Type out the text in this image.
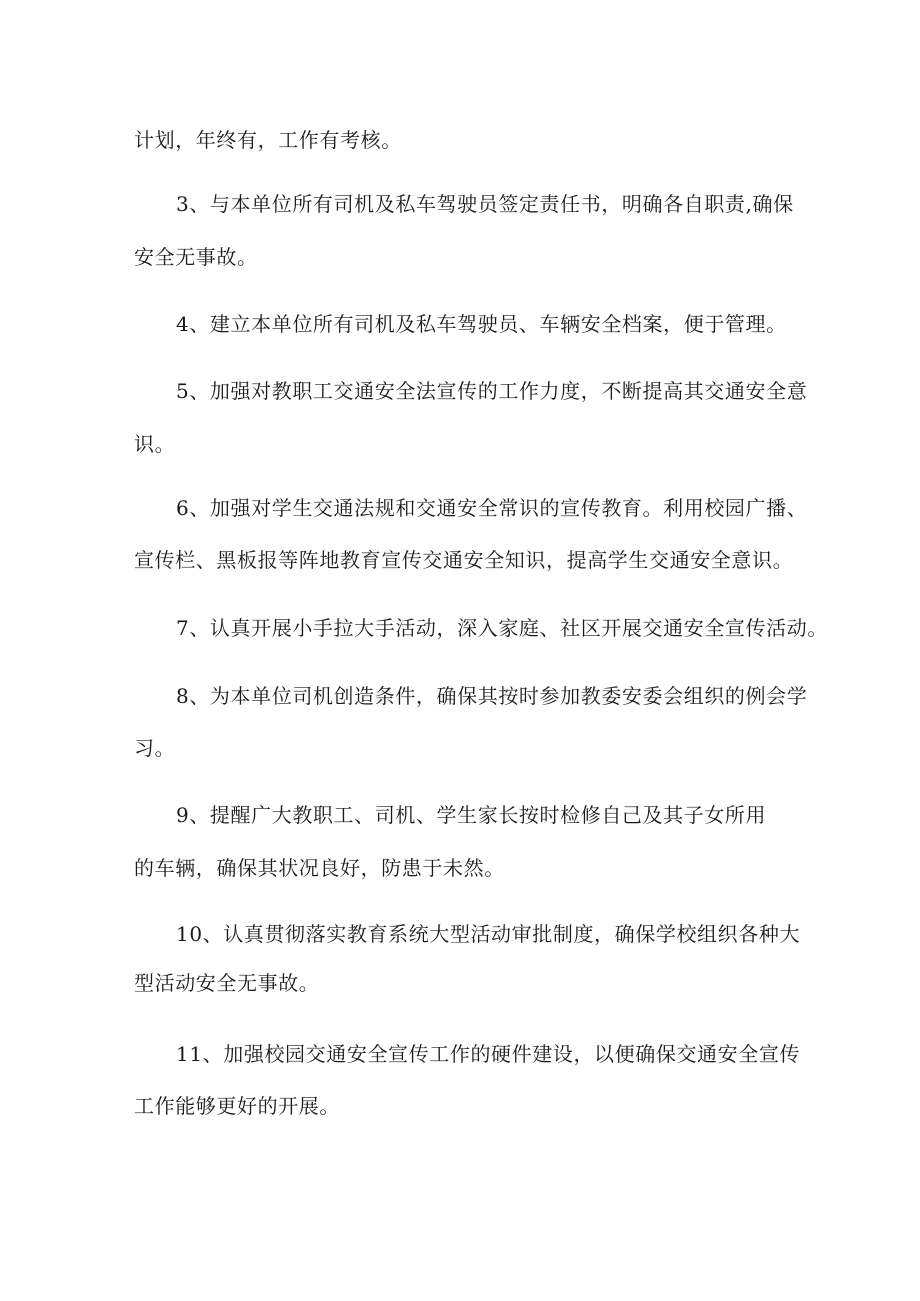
计划，年终有，工作有考核。
3、与本单位所有司机及私车驾驶员签定责任书，明确各自职责,确保
安全无事故。
4、建立本单位所有司机及私车驾驶员、车辆安全档案，便于管理。
5、加强对教职工交通安全法宣传的工作力度，不断提高其交通安全意
识。
6、加强对学生交通法规和交通安全常识的宣传教育。利用校园广播、
宣传栏、黑板报等阵地教育宣传交通安全知识，提高学生交通安全意识。
7、认真开展小手拉大手活动，深入家庭、社区开展交通安全宣传活动。
8、为本单位司机创造条件，确保其按时参加教委安委会组织的例会学
习。
9、提醒广大教职工、司机、学生家长按时检修自己及其子女所用
的车辆，确保其状况良好，防患于未然。
10、认真贯彻落实教育系统大型活动审批制度，确保学校组织各种大
型活动安全无事故。
11、加强校园交通安全宣传工作的硬件建设，以便确保交通安全宣传
工作能够更好的开展。
